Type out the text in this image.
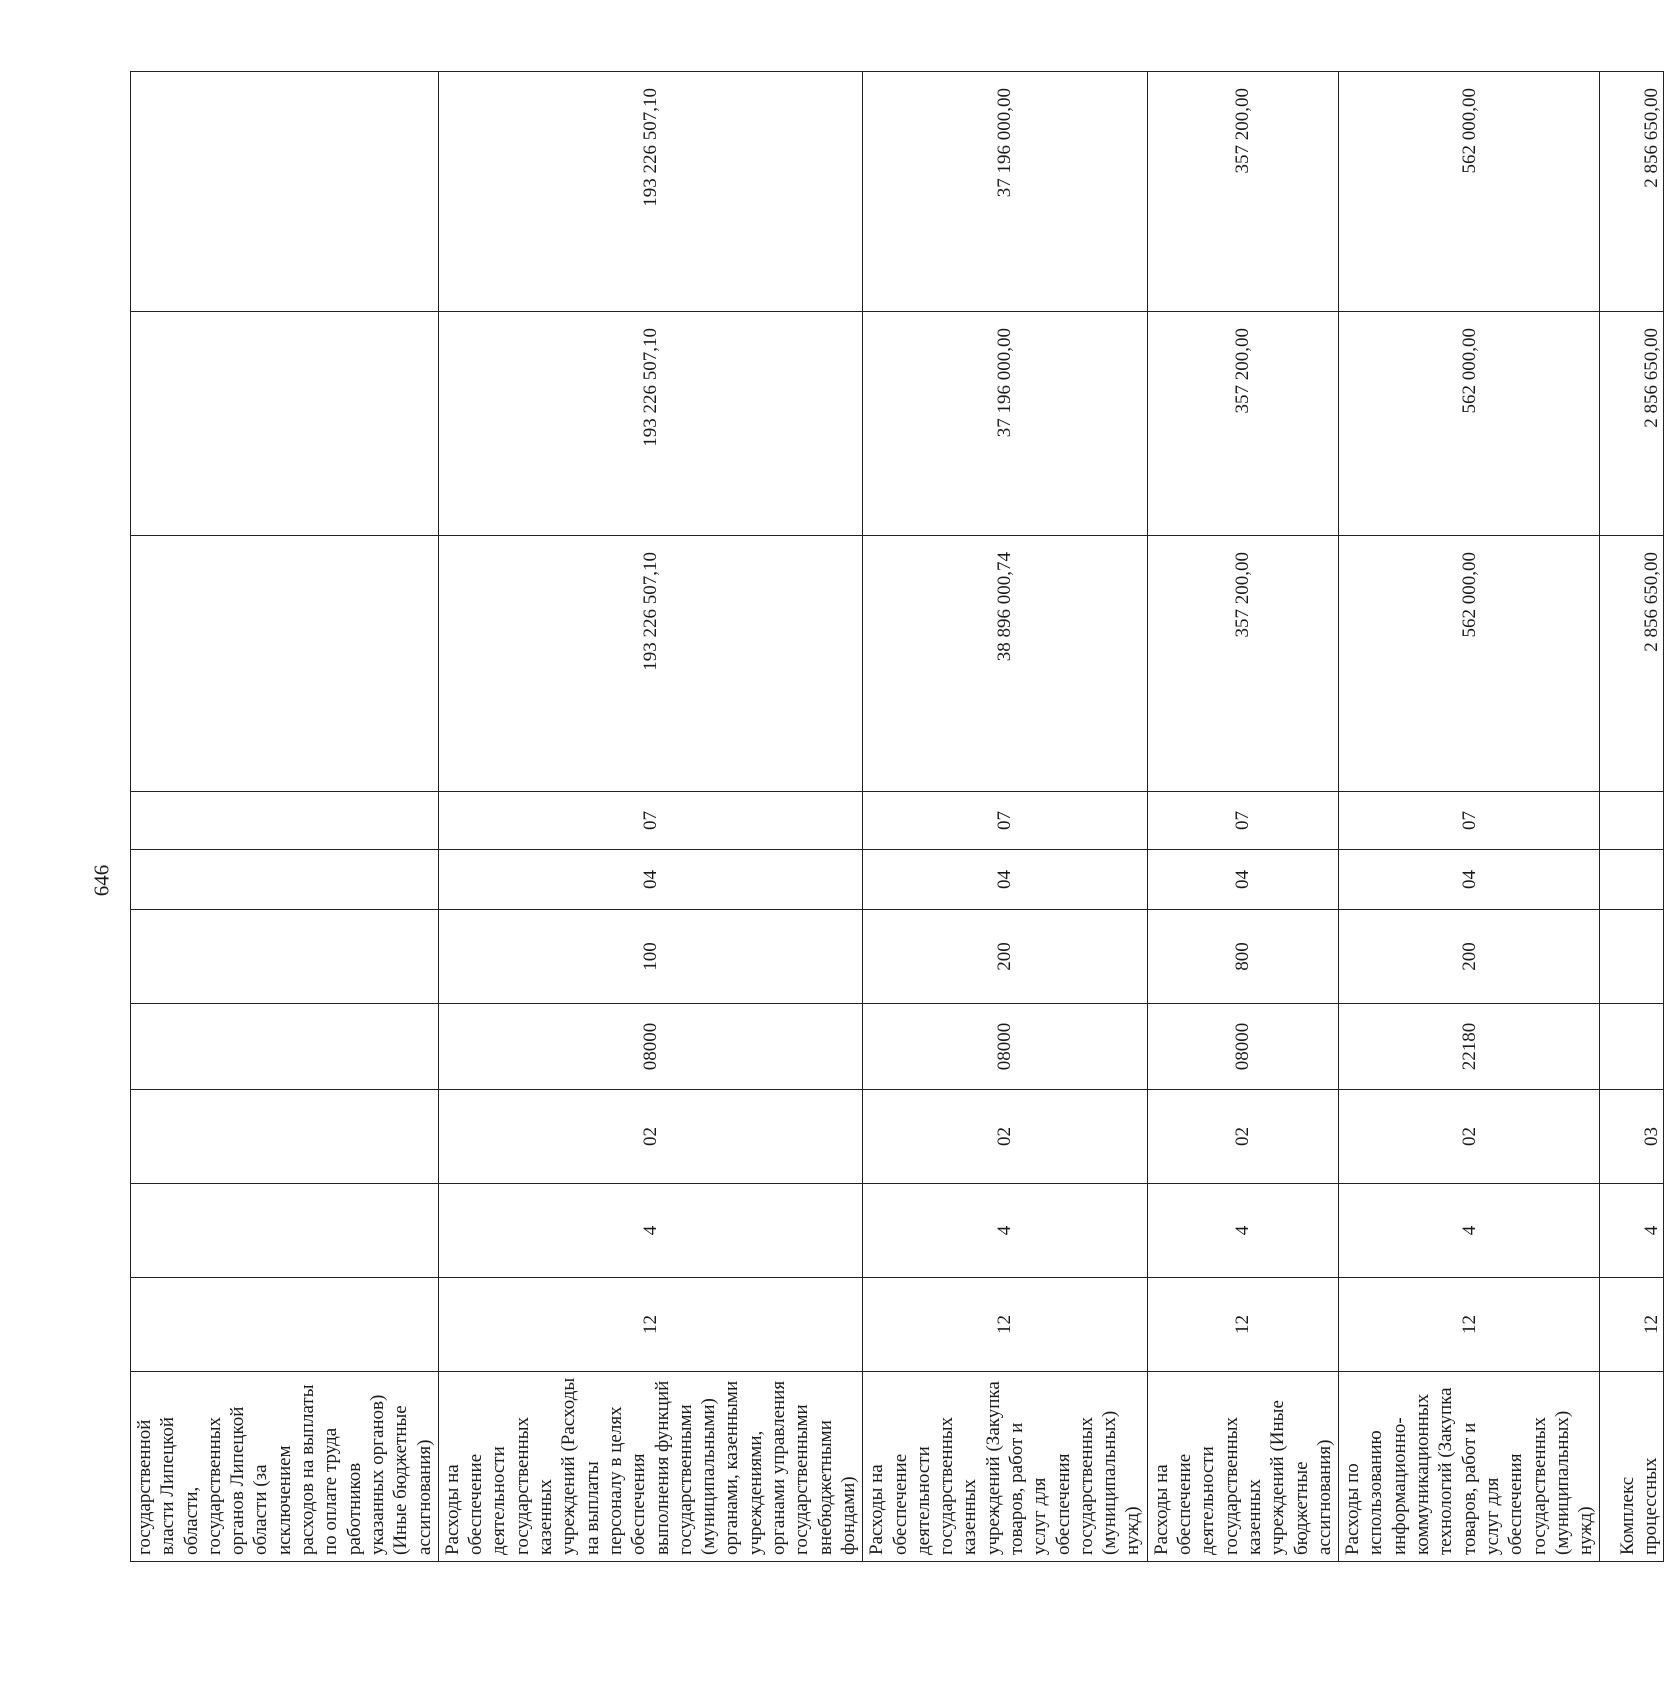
646
государственной власти Липецкой области, государственных органов Липецкой области (за исключением расходов на выплаты по оплате труда работников указанных органов) (Иные бюджетные ассигнования)										
Расходы на обеспечение деятельности государственных казенных учреждений (Расходы на выплаты персоналу в целях обеспечения выполнения функций государственными (муниципальными) органами, казенными учреждениями, органами управления государственными внебюджетными фондами)	12	4	02	08000	100	04	07	193 226 507,10	193 226 507,10	193 226 507,10
Расходы на обеспечение деятельности государственных казенных учреждений (Закупка товаров, работ и услуг для обеспечения государственных (муниципальных) нужд)	12	4	02	08000	200	04	07	38 896 000,74	37 196 000,00	37 196 000,00
Расходы на обеспечение деятельности государственных казенных учреждений (Иные бюджетные ассигнования)	12	4	02	08000	800	04	07	357 200,00	357 200,00	357 200,00
Расходы по использованию информационно-коммуникационных технологий (Закупка товаров, работ и услуг для обеспечения государственных (муниципальных) нужд)	12	4	02	22180	200	04	07	562 000,00	562 000,00	562 000,00
Комплекс процессных	12	4	03					2 856 650,00	2 856 650,00	2 856 650,00
